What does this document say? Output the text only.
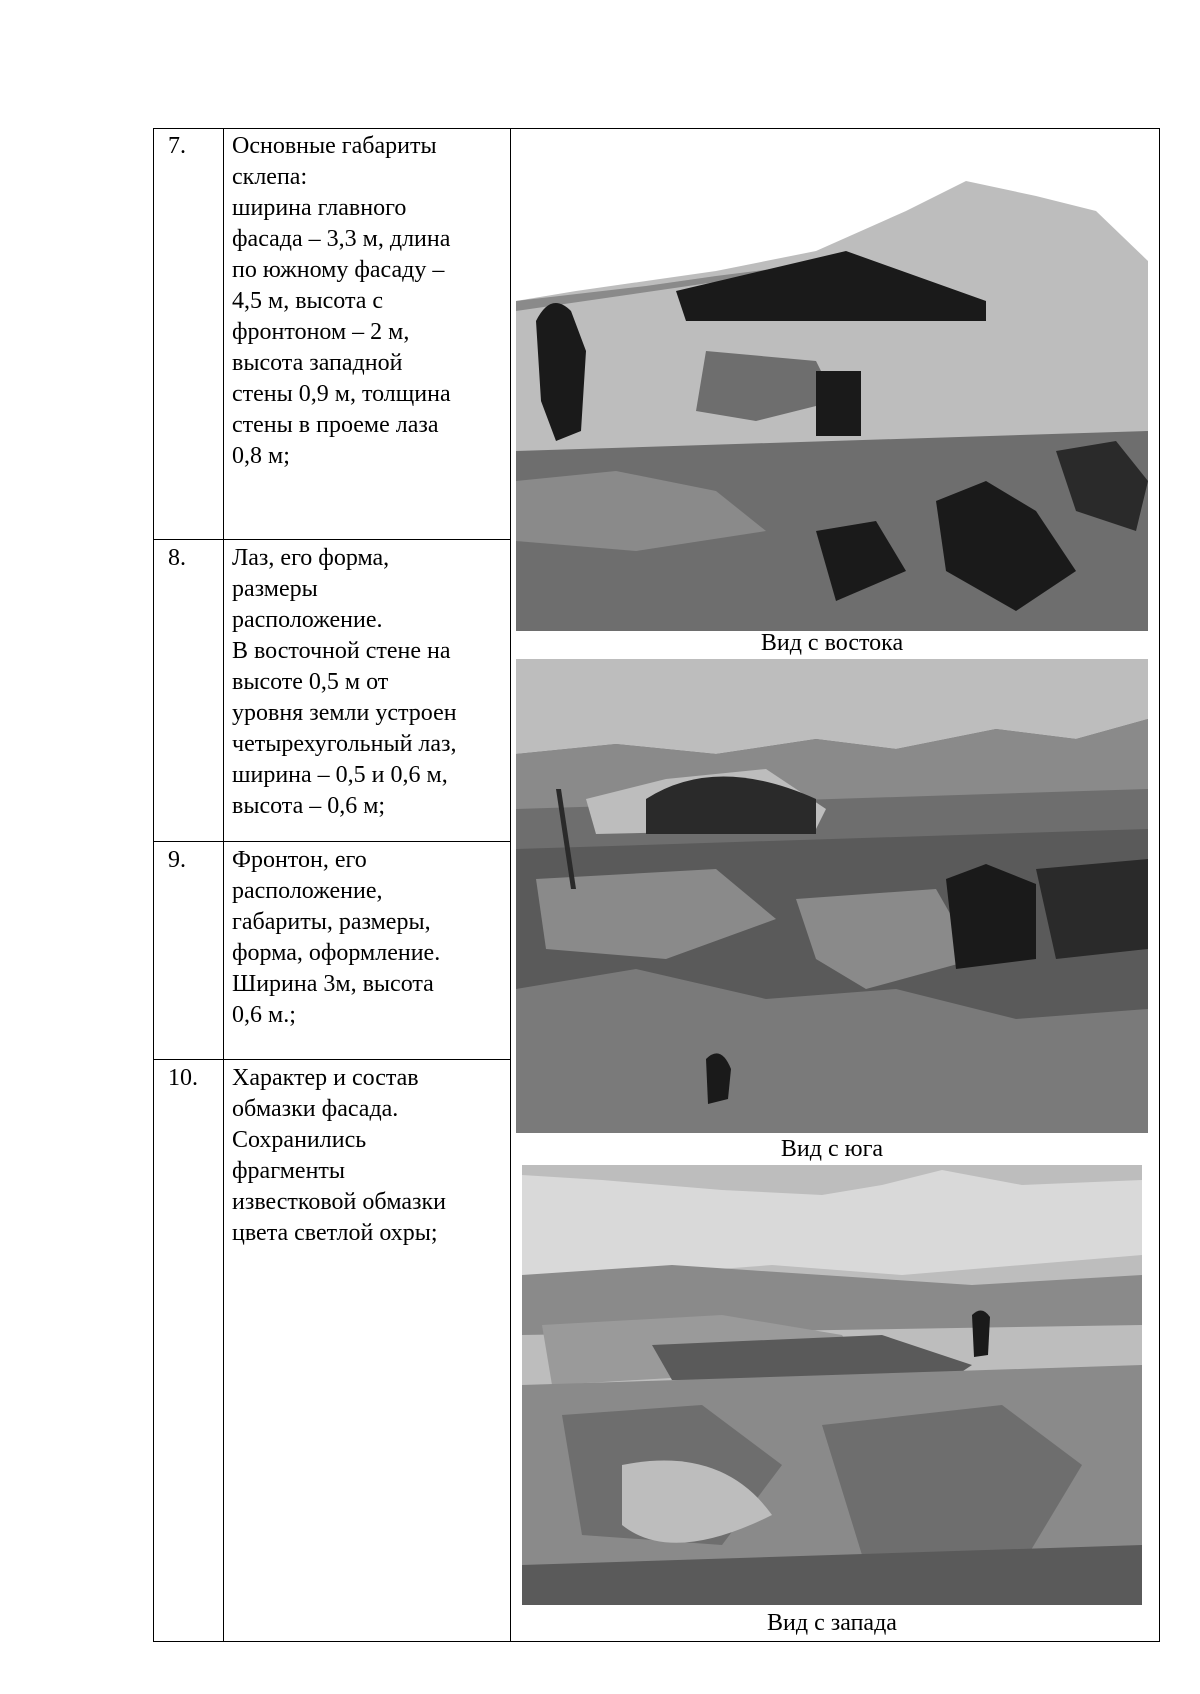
7. Основные габариты
склепа:
ширина главного
фасада – 3,3 м, длина
по южному фасаду –
4,5 м, высота с
фронтоном – 2 м,
высота западной
стены 0,9 м, толщина
стены в проеме лаза
0,8 м;
8. Лаз, его форма,
размеры
расположение.
В восточной стене на
высоте 0,5 м от
уровня земли устроен
четырехугольный лаз,
ширина – 0,5 и 0,6 м,
высота – 0,6 м;
9. Фронтон, его
расположение,
габариты, размеры,
форма, оформление.
Ширина 3м, высота
0,6 м.;
10. Характер и состав
обмазки фасада.
Сохранились
фрагменты
известковой обмазки
цвета светлой охры;
Вид с востока
Вид с юга
Вид с запада
